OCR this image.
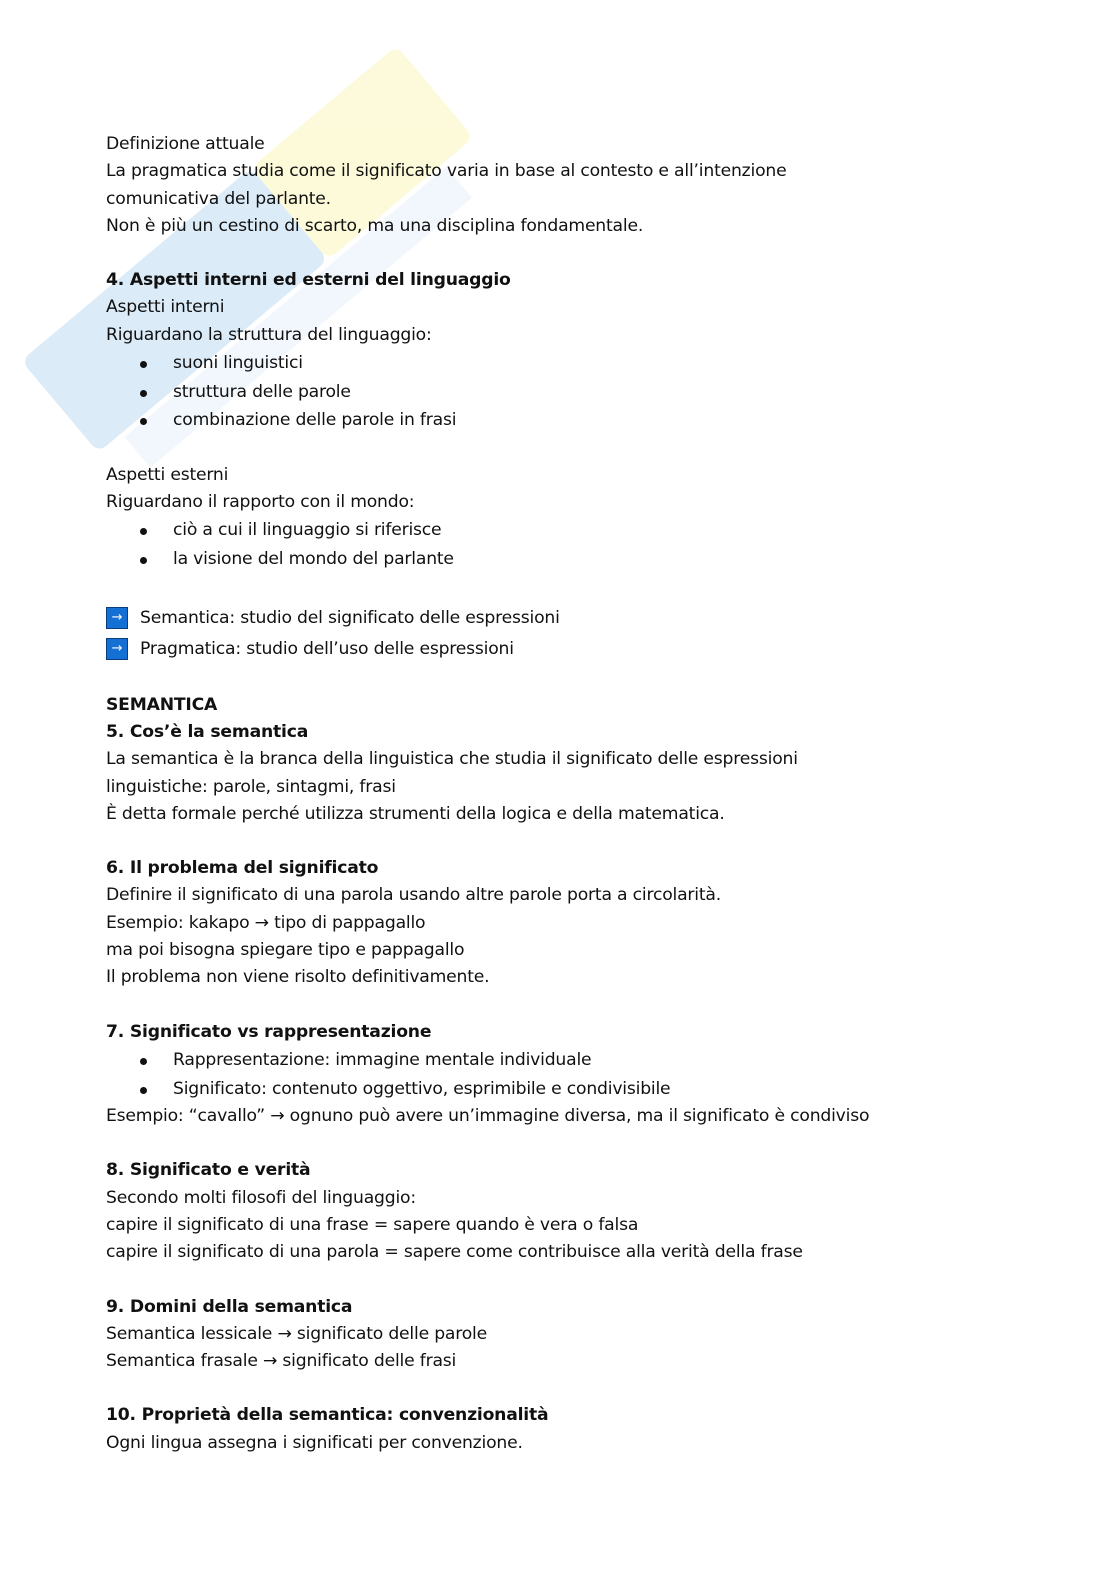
Definizione attuale
La pragmatica studia come il significato varia in base al contesto e all’intenzione
comunicativa del parlante.
Non è più un cestino di scarto, ma una disciplina fondamentale.
4. Aspetti interni ed esterni del linguaggio
Aspetti interni
Riguardano la struttura del linguaggio:
suoni linguistici
struttura delle parole
combinazione delle parole in frasi
Aspetti esterni
Riguardano il rapporto con il mondo:
ciò a cui il linguaggio si riferisce
la visione del mondo del parlante
→	Semantica: studio del significato delle espressioni
→	Pragmatica: studio dell’uso delle espressioni
SEMANTICA
5. Cos’è la semantica
La semantica è la branca della linguistica che studia il significato delle espressioni
linguistiche: parole, sintagmi, frasi
È detta formale perché utilizza strumenti della logica e della matematica.
6. Il problema del significato
Definire il significato di una parola usando altre parole porta a circolarità.
Esempio: kakapo → tipo di pappagallo
ma poi bisogna spiegare tipo e pappagallo
Il problema non viene risolto definitivamente.
7. Significato vs rappresentazione
Rappresentazione: immagine mentale individuale
Significato: contenuto oggettivo, esprimibile e condivisibile
Esempio: “cavallo” → ognuno può avere un’immagine diversa, ma il significato è condiviso
8. Significato e verità
Secondo molti filosofi del linguaggio:
capire il significato di una frase = sapere quando è vera o falsa
capire il significato di una parola = sapere come contribuisce alla verità della frase
9. Domini della semantica
Semantica lessicale → significato delle parole
Semantica frasale → significato delle frasi
10. Proprietà della semantica: convenzionalità
Ogni lingua assegna i significati per convenzione.
